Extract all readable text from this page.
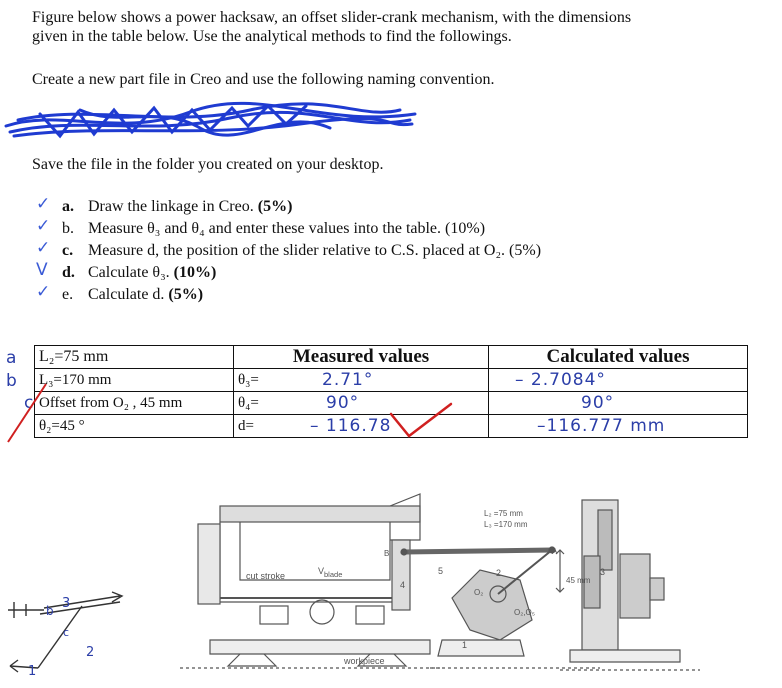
Figure below shows a power hacksaw, an offset slider-crank mechanism, with the dimensions
given in the table below. Use the analytical methods to find the followings.
Create a new part file in Creo and use the following naming convention.
Save the file in the folder you created on your desktop.
✓ a. Draw the linkage in Creo. (5%)
✓ b. Measure θ₃ and θ₄ and enter these values into the table. (10%)
✓ c. Measure d, the position of the slider relative to C.S. placed at O₂. (5%)
V d. Calculate θ₃. (10%)
✓ e. Calculate d. (5%)
a
b
c
L₂=75 mm	Measured values		Calculated values
L₃=170 mm	θ₃=	2.71°	– 2.7084°
Offset from O₂ , 45 mm	θ₄=	90°	90°
θ₂=45 °	d=	– 116.78	–116.777 mm
3
b
c
2
1
cut stroke	$V_{blade}$
workpiece
L₂ =75 mm
L₃ =170 mm
45 mm
O₂
O₂,O₅
A
B
1
2	3
4
5
